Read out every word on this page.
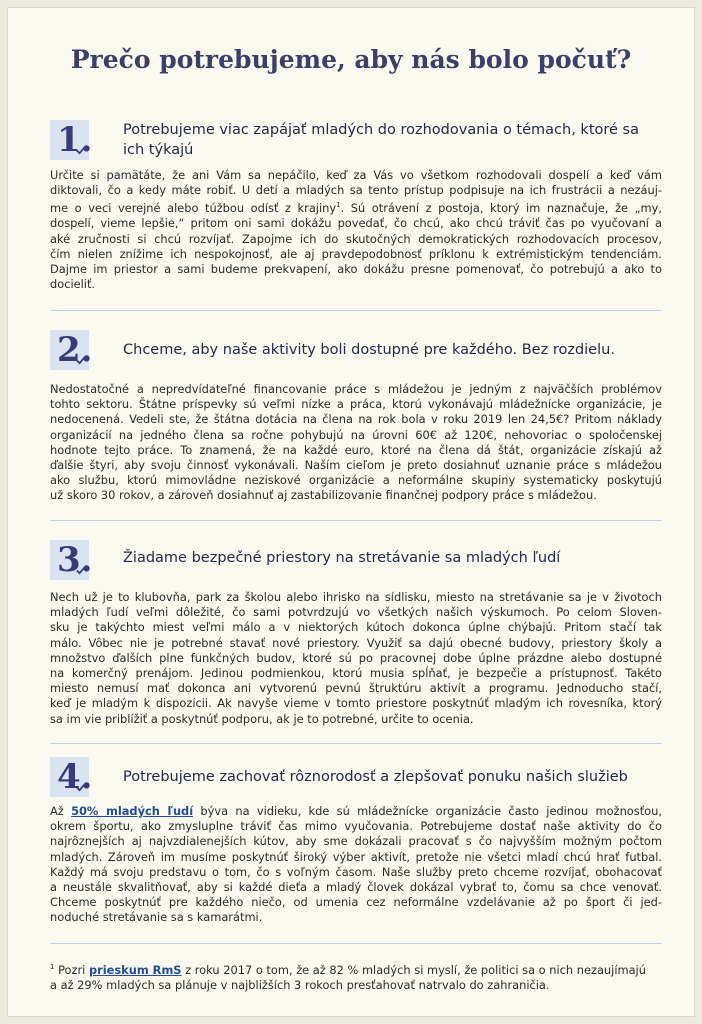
Prečo potrebujeme, aby nás bolo počuť?
1. Potrebujeme viac zapájať mladých do rozhodovania o témach, ktoré sa
ich týkajú
Určite si pamätáte, že ani Vám sa nepáčilo, keď za Vás vo všetkom rozhodovali dospelí a keď vám
diktovali, čo a kedy máte robiť. U detí a mladých sa tento prístup podpisuje na ich frustrácii a nezáuj-
me o veci verejné alebo túžbou odísť z krajiny$^1$. Sú otrávení z postoja, ktorý im naznačuje, že „my,
dospelí, vieme lepšie,“ pritom oni sami dokážu povedať, čo chcú, ako chcú tráviť čas po vyučovaní a
aké zručnosti si chcú rozvíjať. Zapojme ich do skutočných demokratických rozhodovacích procesov,
čím nielen znížime ich nespokojnosť, ale aj pravdepodobnosť príklonu k extrémistickým tendenciám.
Dajme im priestor a sami budeme prekvapení, ako dokážu presne pomenovať, čo potrebujú a ako to
docieliť.
2. Chceme, aby naše aktivity boli dostupné pre každého. Bez rozdielu.
Nedostatočné a nepredvídateľné financovanie práce s mládežou je jedným z najväčších problémov
tohto sektoru. Štátne príspevky sú veľmi nízke a práca, ktorú vykonávajú mládežnícke organizácie, je
nedocenená. Vedeli ste, že štátna dotácia na člena na rok bola v roku 2019 len 24,5€? Pritom náklady
organizácií na jedného člena sa ročne pohybujú na úrovni 60€ až 120€, nehovoriac o spoločenskej
hodnote tejto práce. To znamená, že na každé euro, ktoré na člena dá štát, organizácie získajú až
ďalšie štyri, aby svoju činnosť vykonávali. Naším cieľom je preto dosiahnuť uznanie práce s mládežou
ako službu, ktorú mimovládne neziskové organizácie a neformálne skupiny systematicky poskytujú
už skoro 30 rokov, a zároveň dosiahnuť aj zastabilizovanie finančnej podpory práce s mládežou.
3. Žiadame bezpečné priestory na stretávanie sa mladých ľudí
Nech už je to klubovňa, park za školou alebo ihrisko na sídlisku, miesto na stretávanie sa je v životoch
mladých ľudí veľmi dôležité, čo sami potvrdzujú vo všetkých našich výskumoch. Po celom Sloven-
sku je takýchto miest veľmi málo a v niektorých kútoch dokonca úplne chýbajú. Pritom stačí tak
málo. Vôbec nie je potrebné stavať nové priestory. Využiť sa dajú obecné budovy, priestory školy a
množstvo ďalších plne funkčných budov, ktoré sú po pracovnej dobe úplne prázdne alebo dostupné
na komerčný prenájom. Jedinou podmienkou, ktorú musia spĺňať, je bezpečie a prístupnosť. Takéto
miesto nemusí mať dokonca ani vytvorenú pevnú štruktúru aktivít a programu. Jednoducho stačí,
keď je mladým k dispozícii. Ak navyše vieme v tomto priestore poskytnúť mladým ich rovesníka, ktorý
sa im vie priblížiť a poskytnúť podporu, ak je to potrebné, určite to ocenia.
4. Potrebujeme zachovať rôznorodosť a zlepšovať ponuku našich služieb
Až 50% mladých ľudí býva na vidieku, kde sú mládežnícke organizácie často jedinou možnosťou,
okrem športu, ako zmysluplne tráviť čas mimo vyučovania. Potrebujeme dostať naše aktivity do čo
najrôznejších aj najvzdialenejších kútov, aby sme dokázali pracovať s čo najvyšším možným počtom
mladých. Zároveň im musíme poskytnúť široký výber aktivít, pretože nie všetci mladí chcú hrať futbal.
Každý má svoju predstavu o tom, čo s voľným časom. Naše služby preto chceme rozvíjať, obohacovať
a neustále skvalitňovať, aby si každé dieťa a mladý človek dokázal vybrať to, čomu sa chce venovať.
Chceme poskytnúť pre každého niečo, od umenia cez neformálne vzdelávanie až po šport či jed-
noduché stretávanie sa s kamarátmi.
$^1$ Pozri prieskum RmS z roku 2017 o tom, že až 82 % mladých si myslí, že politici sa o nich nezaujímajú
a až 29% mladých sa plánuje v najbližších 3 rokoch presťahovať natrvalo do zahraničia.
